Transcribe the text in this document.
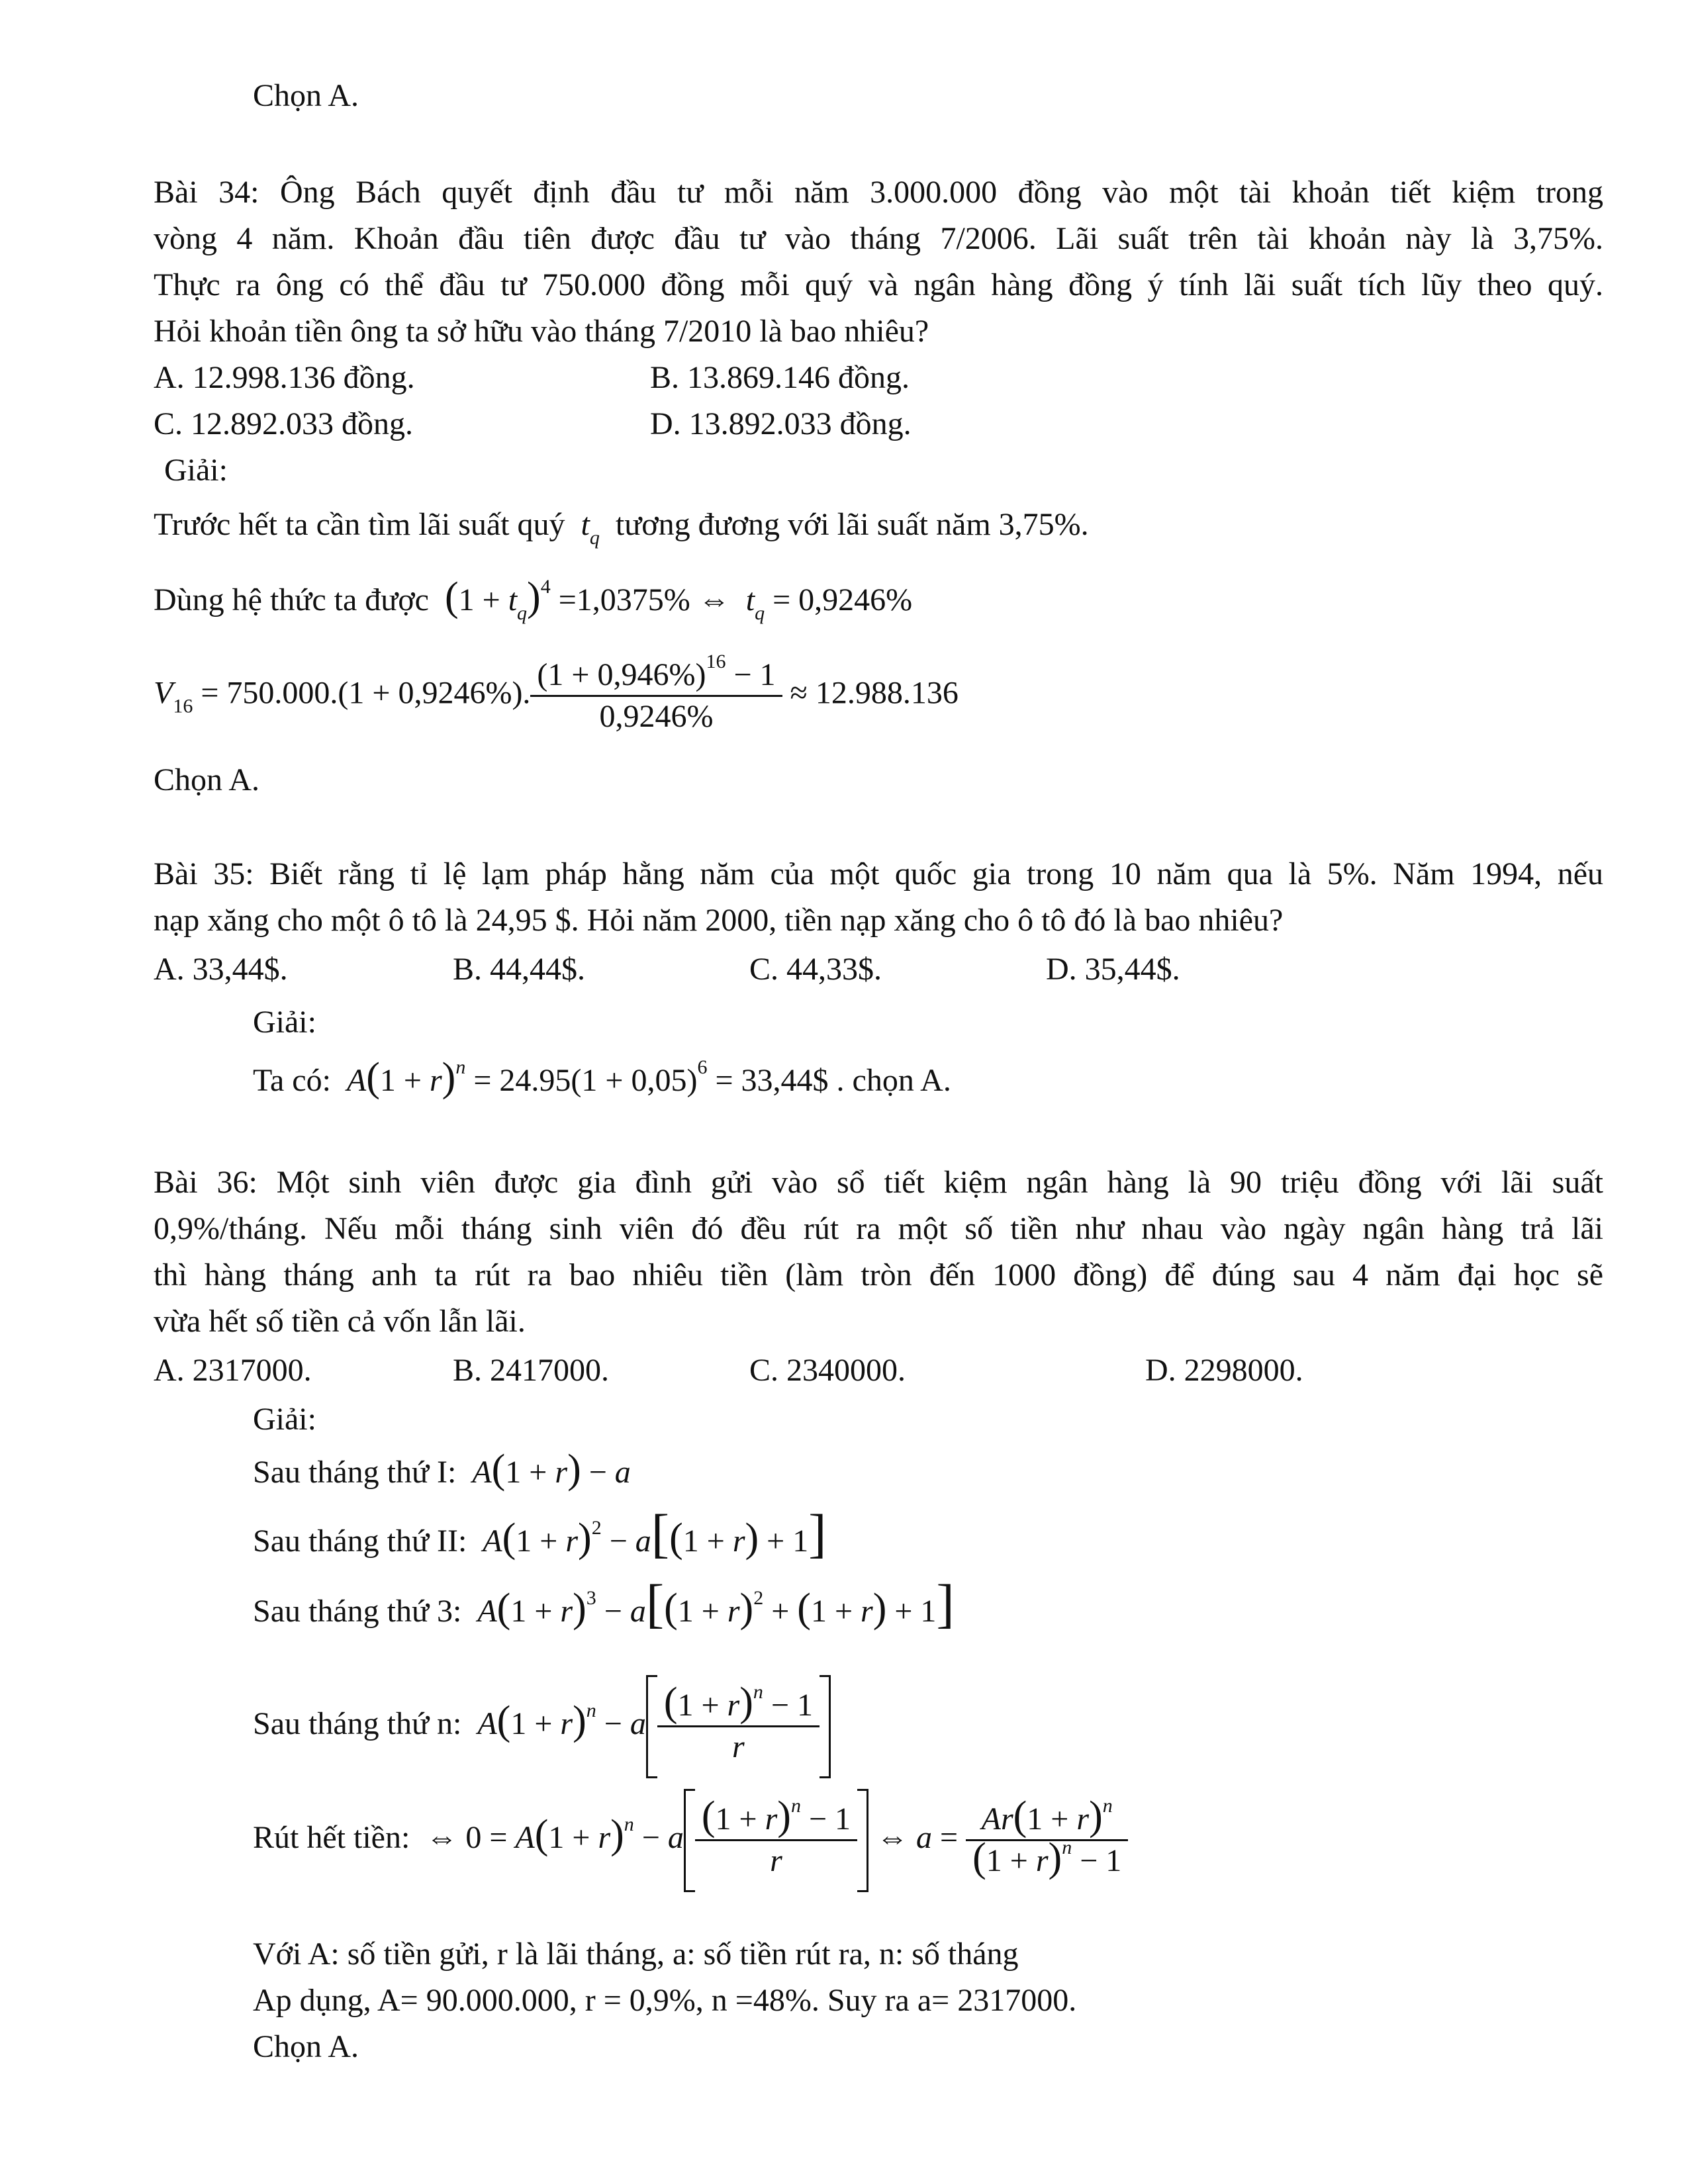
Chọn A.
Bài 34: Ông Bách quyết định đầu tư mỗi năm 3.000.000 đồng vào một tài khoản tiết kiệm trong
vòng 4 năm. Khoản đầu tiên được đầu tư vào tháng 7/2006. Lãi suất trên tài khoản này là 3,75%.
Thực ra ông có thể đầu tư 750.000 đồng mỗi quý và ngân hàng đồng ý tính lãi suất tích lũy theo quý.
Hỏi khoản tiền ông ta sở hữu vào tháng 7/2010 là bao nhiêu?
A. 12.998.136 đồng.	B. 13.869.146 đồng.
C. 12.892.033 đồng.	D. 13.892.033 đồng.
Giải:
Trước hết ta cần tìm lãi suất quý $t_q$ tương đương với lãi suất năm 3,75%.
Dùng hệ thức ta được $(1 + t_q)^4 =1,0375\%$ ⇔ $t_q = 0,9246\%$
$V_{16} = 750.000.(1 + 0,9246\%)$. $\frac{(1 + 0,946\%)^{16} - 1}{0,9246\%} \approx 12.988.136$
Chọn A.
Bài 35: Biết rằng tỉ lệ lạm pháp hằng năm của một quốc gia trong 10 năm qua là 5%. Năm 1994, nếu
nạp xăng cho một ô tô là 24,95 $. Hỏi năm 2000, tiền nạp xăng cho ô tô đó là bao nhiêu?
A. 33,44$.	B. 44,44$.	C. 44,33$.	D. 35,44$.
Giải:
Ta có: $A(1 + r)^n = 24.95(1 + 0,05)^6$ = 33,44$ . chọn A.
Bài 36: Một sinh viên được gia đình gửi vào sổ tiết kiệm ngân hàng là 90 triệu đồng với lãi suất
0,9%/tháng. Nếu mỗi tháng sinh viên đó đều rút ra một số tiền như nhau vào ngày ngân hàng trả lãi
thì hàng tháng anh ta rút ra bao nhiêu tiền (làm tròn đến 1000 đồng) để đúng sau 4 năm đại học sẽ
vừa hết số tiền cả vốn lẫn lãi.
A. 2317000.	B. 2417000.	C. 2340000.	D. 2298000.
Giải:
Sau tháng thứ I: A(1 + r) − a
Sau tháng thứ II: $A(1 + r)^2 - a[(1 + r) + 1]$
Sau tháng thứ 3: $A(1 + r)^3 - a[(1 + r)^2 + (1 + r) + 1]$
Sau tháng thứ n: $A(1 + r)^n - a \frac{(1 + r)^n - 1}{r}$
Rút hết tiền:  ⇔ $0 = A(1 + r)^n - a \frac{(1 + r)^n - 1}{r}$ ⇔ $a = \frac{Ar(1 + r)^n}{(1 + r)^n - 1}$
Với A: số tiền gửi, r là lãi tháng, a: số tiền rút ra, n: số tháng
Ap dụng, A= 90.000.000, r = 0,9%, n =48%. Suy ra a= 2317000.
Chọn A.
